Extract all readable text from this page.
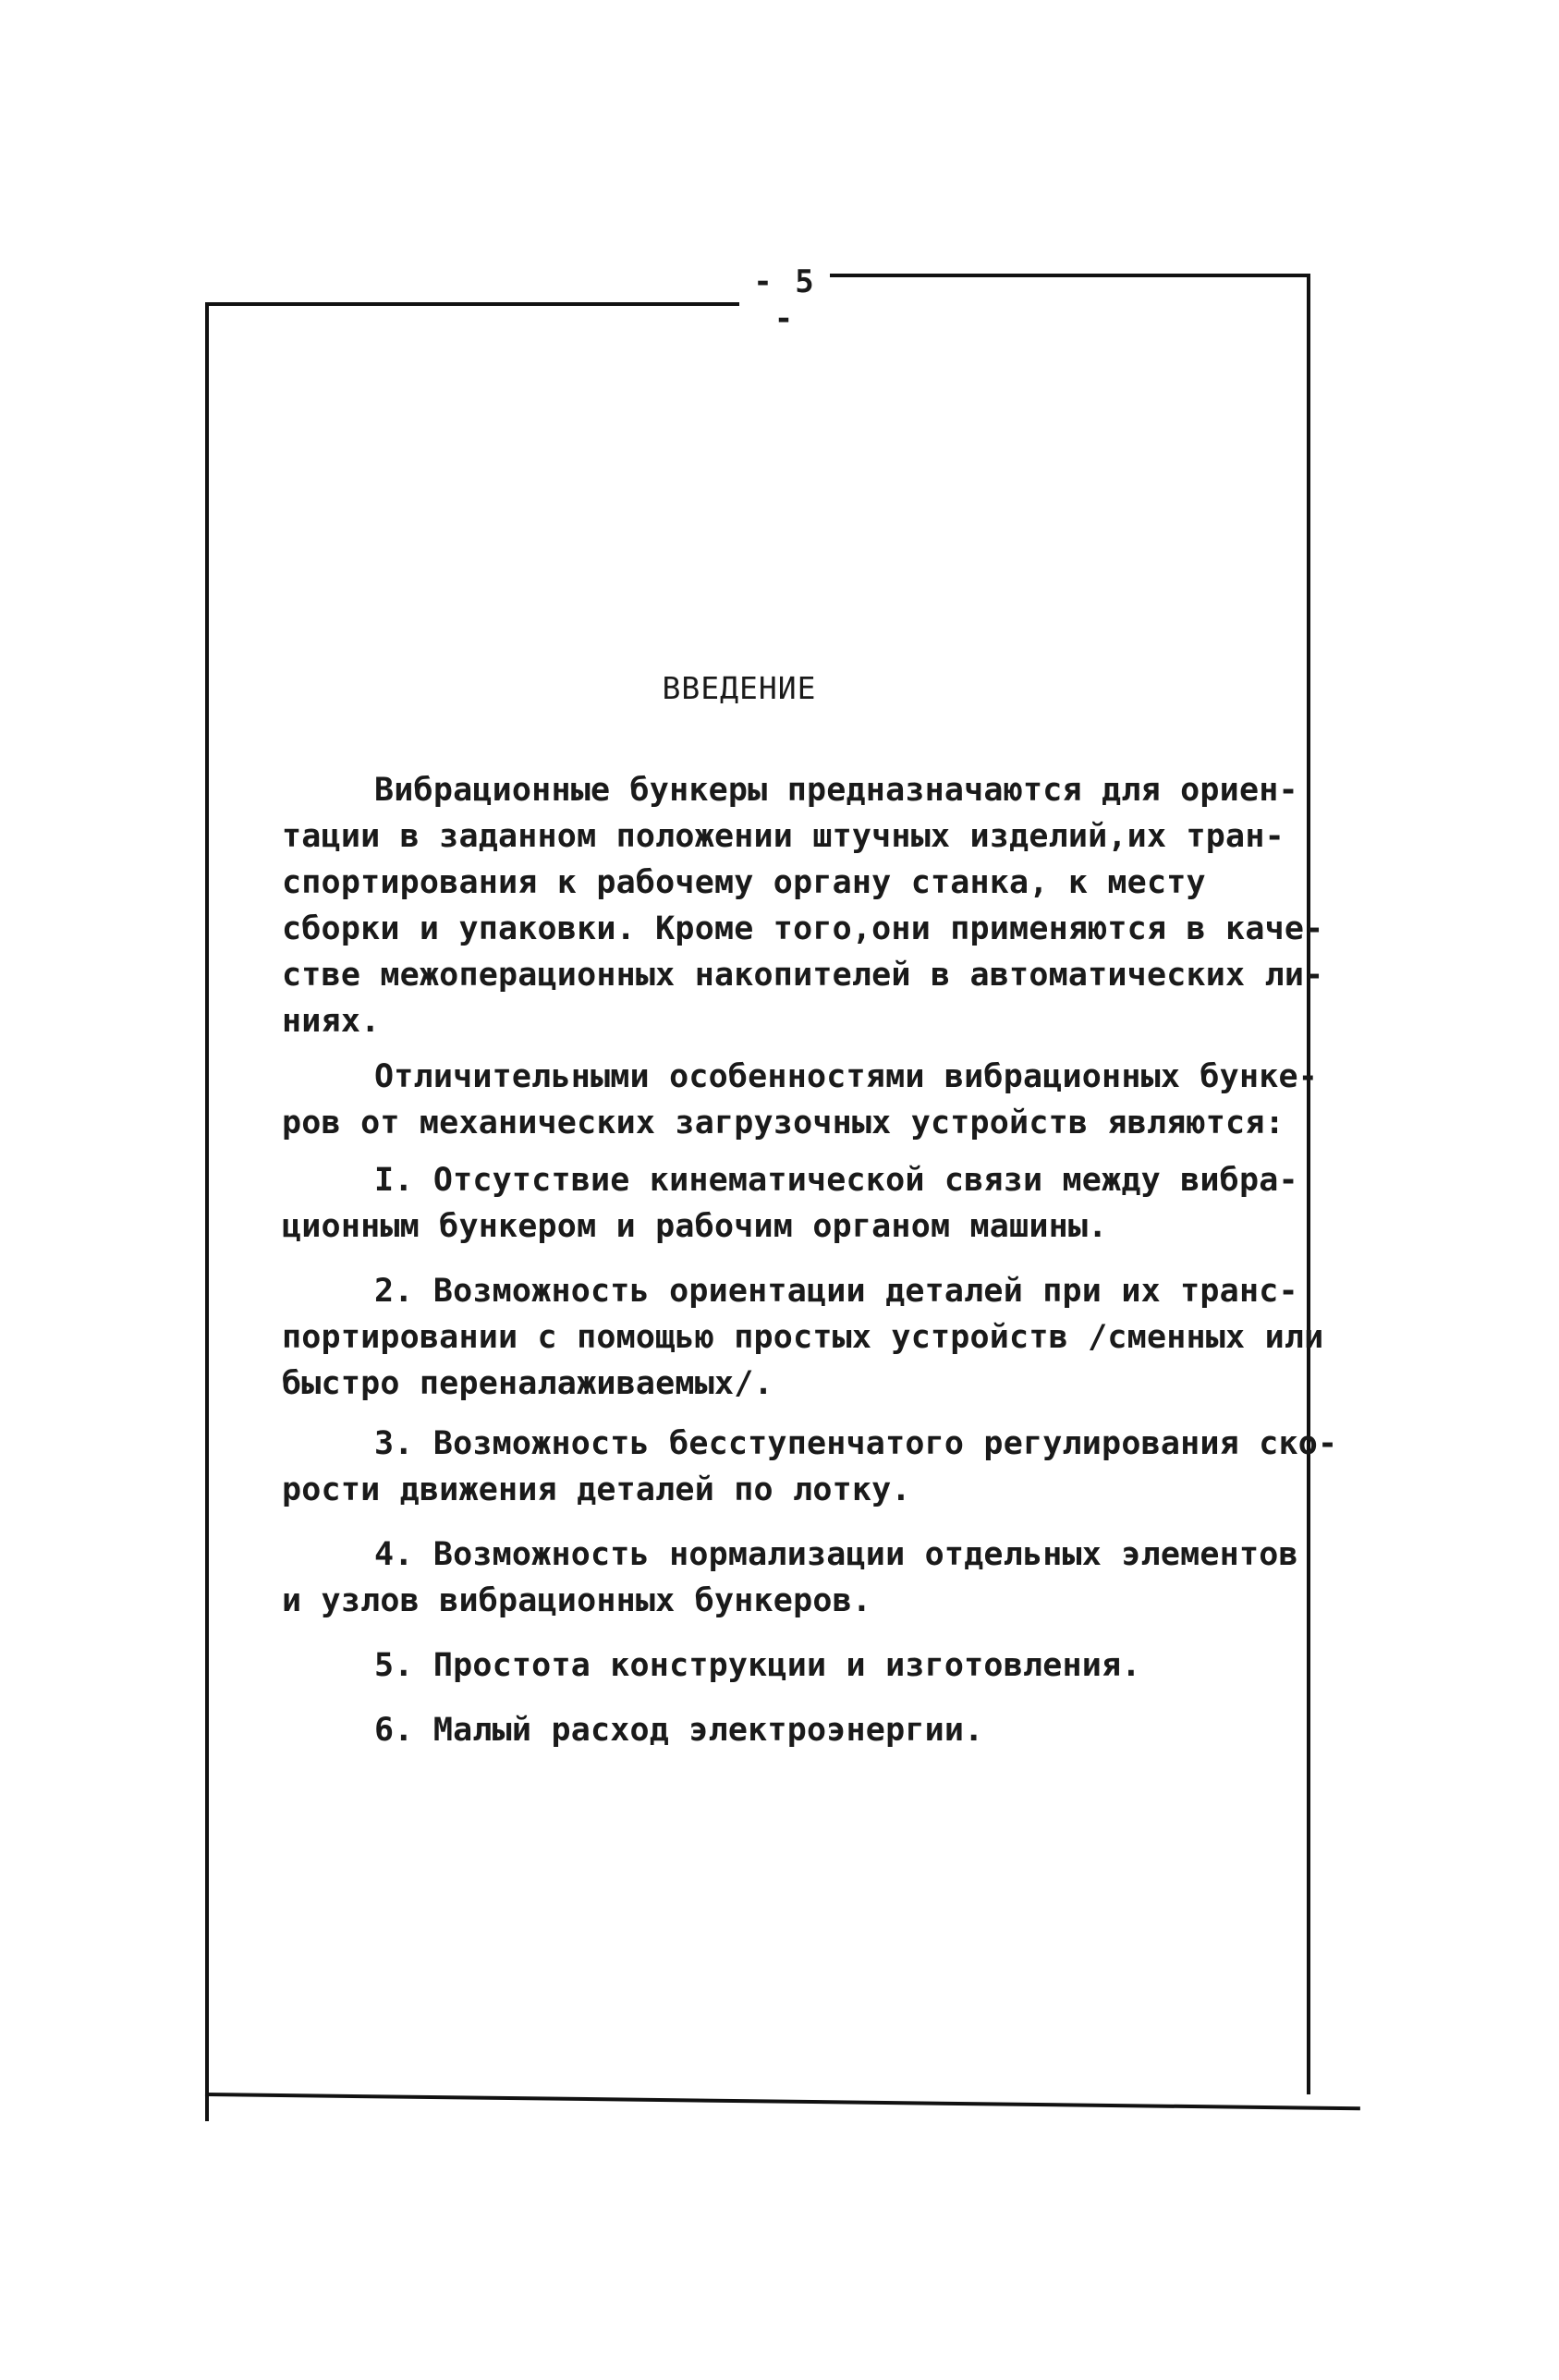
- 5 -
ВВЕДЕНИЕ
Вибрационные бункеры предназначаются для ориен-
тации в заданном положении штучных изделий,их тран-
спортирования к рабочему органу станка, к месту
сборки и упаковки. Кроме того,они применяются в каче-
стве межоперационных накопителей в автоматических ли-
ниях.
Отличительными особенностями вибрационных бунке-
ров от механических загрузочных устройств являются:
I. Отсутствие кинематической связи между вибра-
ционным бункером и рабочим органом машины.
2. Возможность ориентации деталей при их транс-
портировании с помощью простых устройств /сменных или
быстро переналаживаемых/.
3. Возможность бесступенчатого регулирования ско-
рости движения деталей по лотку.
4. Возможность нормализации отдельных элементов
и узлов вибрационных бункеров.
5. Простота конструкции и изготовления.
6. Малый расход электроэнергии.
